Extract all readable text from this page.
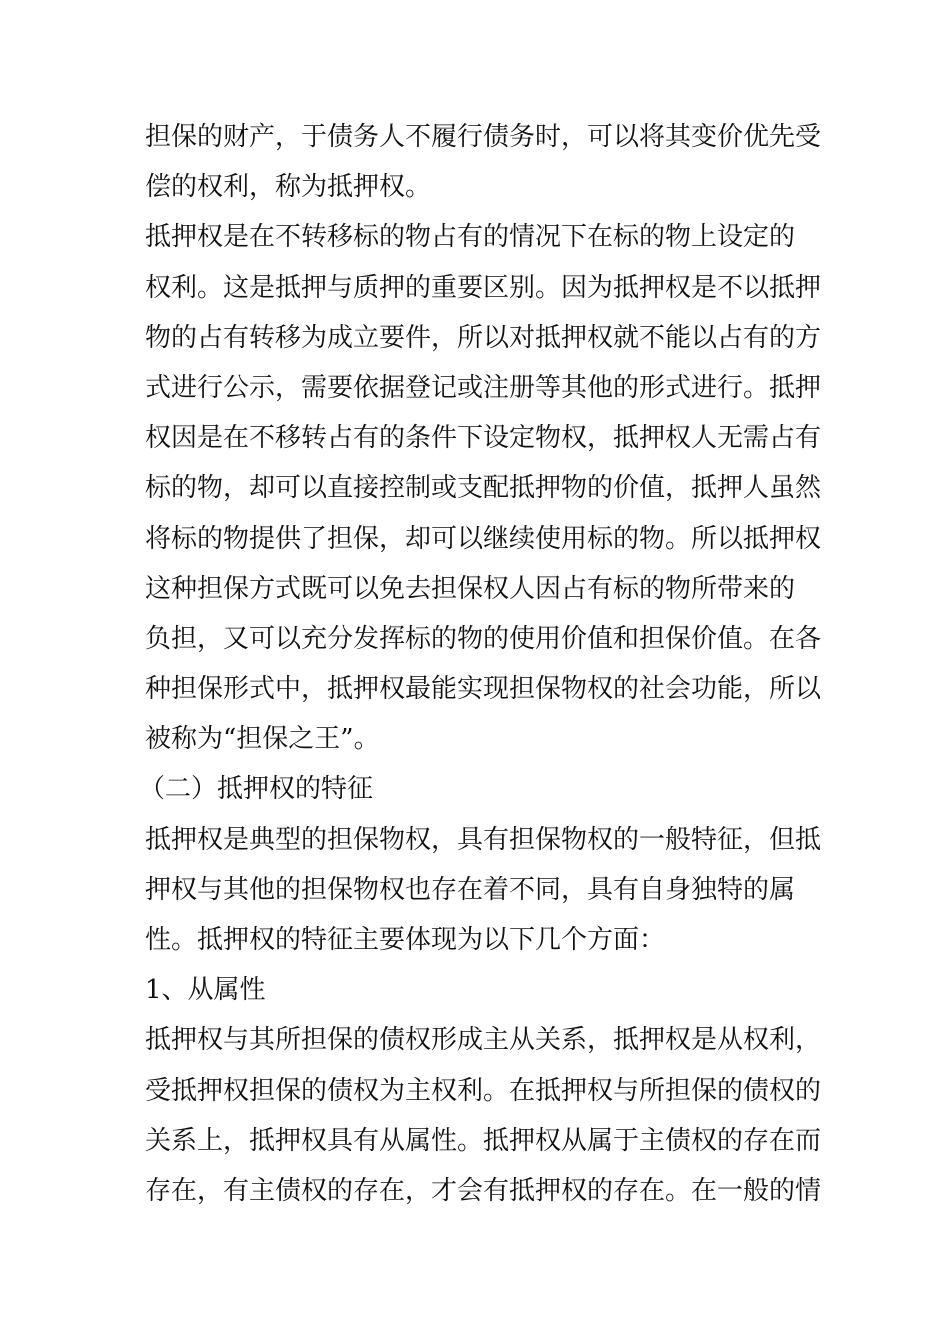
担保的财产，于债务人不履行债务时，可以将其变价优先受
偿的权利，称为抵押权。
抵押权是在不转移标的物占有的情况下在标的物上设定的
权利。这是抵押与质押的重要区别。因为抵押权是不以抵押
物的占有转移为成立要件，所以对抵押权就不能以占有的方
式进行公示，需要依据登记或注册等其他的形式进行。抵押
权因是在不移转占有的条件下设定物权，抵押权人无需占有
标的物，却可以直接控制或支配抵押物的价值，抵押人虽然
将标的物提供了担保，却可以继续使用标的物。所以抵押权
这种担保方式既可以免去担保权人因占有标的物所带来的
负担，又可以充分发挥标的物的使用价值和担保价值。在各
种担保形式中，抵押权最能实现担保物权的社会功能，所以
被称为“担保之王”。
（二）抵押权的特征
抵押权是典型的担保物权，具有担保物权的一般特征，但抵
押权与其他的担保物权也存在着不同，具有自身独特的属
性。抵押权的特征主要体现为以下几个方面：
1、从属性
抵押权与其所担保的债权形成主从关系，抵押权是从权利，
受抵押权担保的债权为主权利。在抵押权与所担保的债权的
关系上，抵押权具有从属性。抵押权从属于主债权的存在而
存在，有主债权的存在，才会有抵押权的存在。在一般的情
